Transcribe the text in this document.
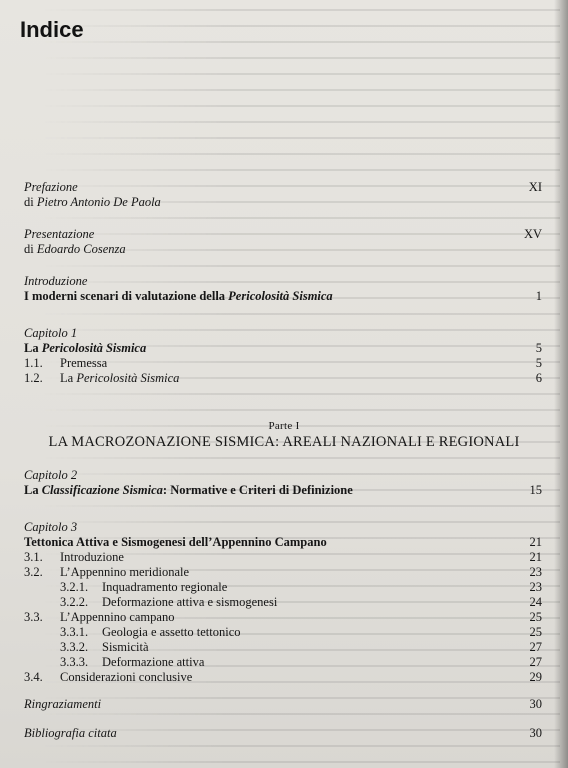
Indice
Prefazione	XI
di Pietro Antonio De Paola
Presentazione	XV
di Edoardo Cosenza
Introduzione
I moderni scenari di valutazione della Pericolosità Sismica	1
Capitolo 1
La Pericolosità Sismica	5
1.1. Premessa	5
1.2. La Pericolosità Sismica	6
Parte I
LA MACROZONAZIONE SISMICA: AREALI NAZIONALI E REGIONALI
Capitolo 2
La Classificazione Sismica: Normative e Criteri di Definizione	15
Capitolo 3
Tettonica Attiva e Sismogenesi dell’Appennino Campano	21
3.1. Introduzione	21
3.2. L’Appennino meridionale	23
3.2.1. Inquadramento regionale	23
3.2.2. Deformazione attiva e sismogenesi	24
3.3. L’Appennino campano	25
3.3.1. Geologia e assetto tettonico	25
3.3.2. Sismicità	27
3.3.3. Deformazione attiva	27
3.4. Considerazioni conclusive	29
Ringraziamenti	30
Bibliografia citata	30
